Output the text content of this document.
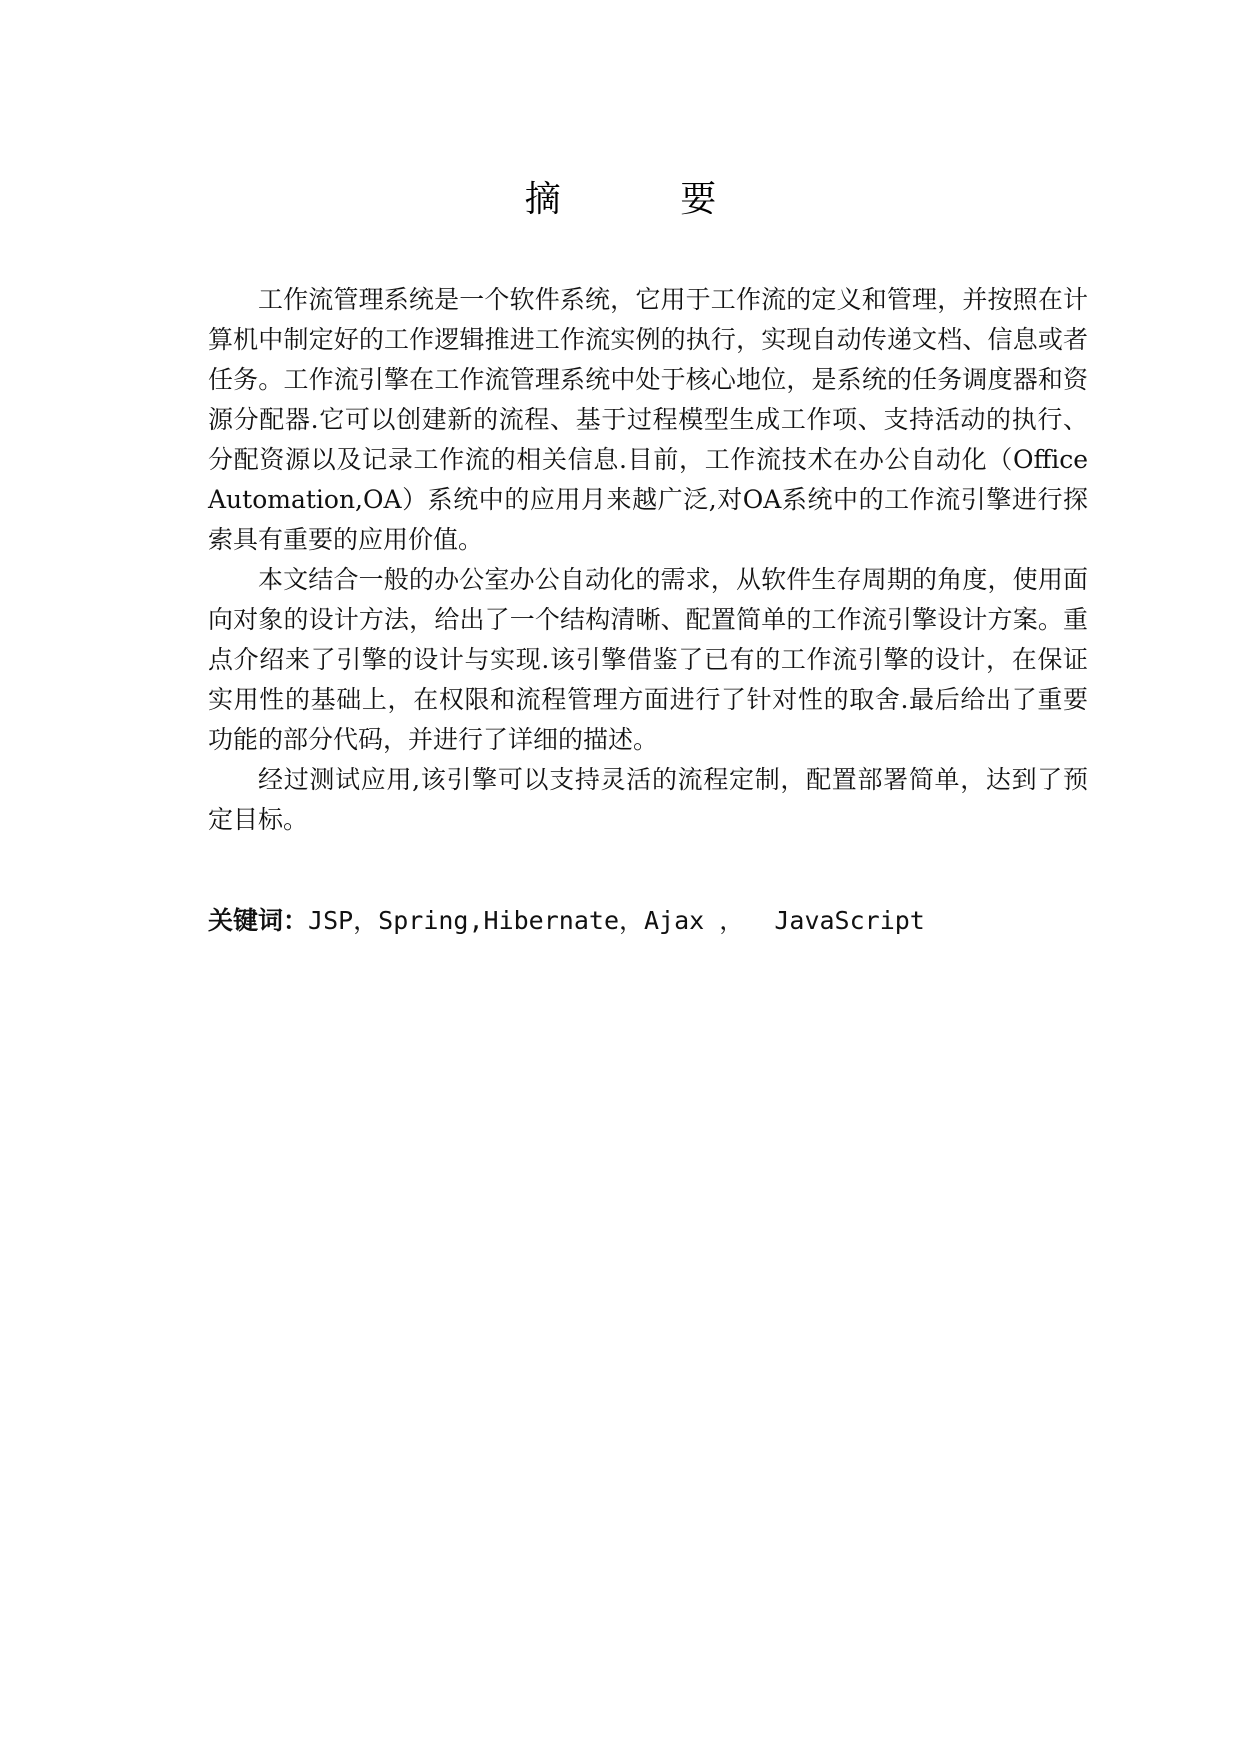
摘 要

工作流管理系统是一个软件系统，它用于工作流的定义和管理，并按照在计算机中制定好的工作逻辑推进工作流实例的执行，实现自动传递文档、信息或者任务。工作流引擎在工作流管理系统中处于核心地位，是系统的任务调度器和资源分配器.它可以创建新的流程、基于过程模型生成工作项、支持活动的执行、分配资源以及记录工作流的相关信息.目前，工作流技术在办公自动化（Office Automation,OA）系统中的应用月来越广泛,对OA系统中的工作流引擎进行探索具有重要的应用价值。

本文结合一般的办公室办公自动化的需求，从软件生存周期的角度，使用面向对象的设计方法，给出了一个结构清晰、配置简单的工作流引擎设计方案。重点介绍来了引擎的设计与实现.该引擎借鉴了已有的工作流引擎的设计，在保证实用性的基础上，在权限和流程管理方面进行了针对性的取舍.最后给出了重要功能的部分代码，并进行了详细的描述。

经过测试应用,该引擎可以支持灵活的流程定制，配置部署简单，达到了预定目标。

关键词：JSP，Spring,Hibernate，Ajax ，  JavaScript
